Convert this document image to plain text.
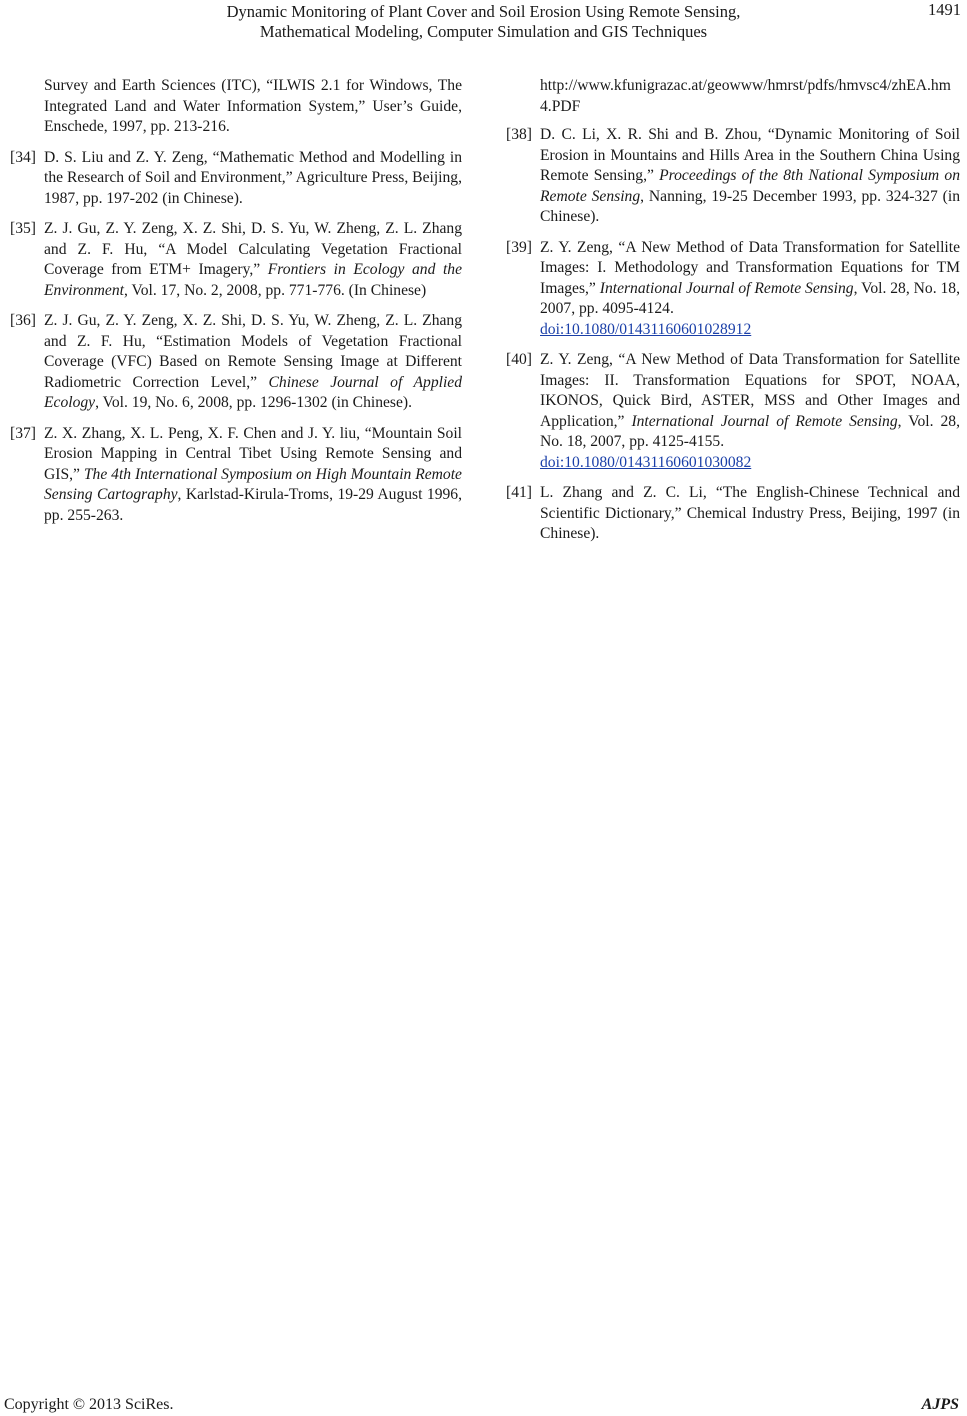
Dynamic Monitoring of Plant Cover and Soil Erosion Using Remote Sensing,
Mathematical Modeling, Computer Simulation and GIS Techniques
1491
Survey and Earth Sciences (ITC), “ILWIS 2.1 for Windows, The Integrated Land and Water Information System,” User’s Guide, Enschede, 1997, pp. 213-216.
[34] D. S. Liu and Z. Y. Zeng, “Mathematic Method and Modelling in the Research of Soil and Environment,” Agriculture Press, Beijing, 1987, pp. 197-202 (in Chinese).
[35] Z. J. Gu, Z. Y. Zeng, X. Z. Shi, D. S. Yu, W. Zheng, Z. L. Zhang and Z. F. Hu, “A Model Calculating Vegetation Fractional Coverage from ETM+ Imagery,” Frontiers in Ecology and the Environment, Vol. 17, No. 2, 2008, pp. 771-776. (In Chinese)
[36] Z. J. Gu, Z. Y. Zeng, X. Z. Shi, D. S. Yu, W. Zheng, Z. L. Zhang and Z. F. Hu, “Estimation Models of Vegetation Fractional Coverage (VFC) Based on Remote Sensing Image at Different Radiometric Correction Level,” Chinese Journal of Applied Ecology, Vol. 19, No. 6, 2008, pp. 1296-1302 (in Chinese).
[37] Z. X. Zhang, X. L. Peng, X. F. Chen and J. Y. liu, “Mountain Soil Erosion Mapping in Central Tibet Using Remote Sensing and GIS,” The 4th International Symposium on High Mountain Remote Sensing Cartography, Karlstad-Kirula-Troms, 19-29 August 1996, pp. 255-263.
http://www.kfunigrazac.at/geowww/hmrst/pdfs/hmvsc4/zhEA.hm4.PDF
[38] D. C. Li, X. R. Shi and B. Zhou, “Dynamic Monitoring of Soil Erosion in Mountains and Hills Area in the Southern China Using Remote Sensing,” Proceedings of the 8th National Symposium on Remote Sensing, Nanning, 19-25 December 1993, pp. 324-327 (in Chinese).
[39] Z. Y. Zeng, “A New Method of Data Transformation for Satellite Images: I. Methodology and Transformation Equations for TM Images,” International Journal of Remote Sensing, Vol. 28, No. 18, 2007, pp. 4095-4124.
doi:10.1080/01431160601028912
[40] Z. Y. Zeng, “A New Method of Data Transformation for Satellite Images: II. Transformation Equations for SPOT, NOAA, IKONOS, Quick Bird, ASTER, MSS and Other Images and Application,” International Journal of Remote Sensing, Vol. 28, No. 18, 2007, pp. 4125-4155.
doi:10.1080/01431160601030082
[41] L. Zhang and Z. C. Li, “The English-Chinese Technical and Scientific Dictionary,” Chemical Industry Press, Beijing, 1997 (in Chinese).
Copyright © 2013 SciRes.	AJPS
